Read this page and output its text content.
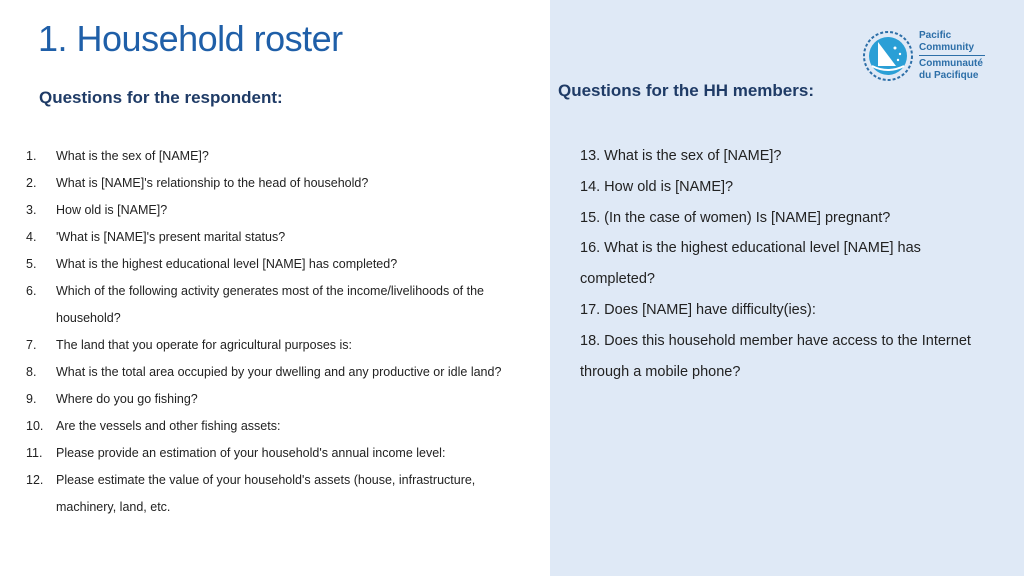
1. Household roster
Questions for the respondent:
1.	What is the sex of [NAME]?
2.	What is [NAME]'s relationship to the head of household?
3.	How old is [NAME]?
4.	'What is [NAME]'s present marital status?
5.	What is the highest educational level [NAME] has completed?
6.	Which of the following activity generates most of the income/livelihoods of the household?
7.	The land that you operate for agricultural purposes is:
8.	What is the total area occupied by your dwelling and any productive or idle land?
9.	Where do you go fishing?
10.	Are the vessels and other fishing assets:
11.	Please provide an estimation of your household's annual income level:
12.	Please estimate the value of your household's assets (house, infrastructure, machinery, land, etc.
Questions for the HH members:
13. What is the sex of [NAME]?
14. How old is [NAME]?
15. (In the case of women) Is [NAME] pregnant?
16. What is the highest educational level [NAME] has completed?
17. Does [NAME] have difficulty(ies):
18. Does this household member have access to the Internet through a mobile phone?
Pacific
Community
Communauté
du Pacifique
